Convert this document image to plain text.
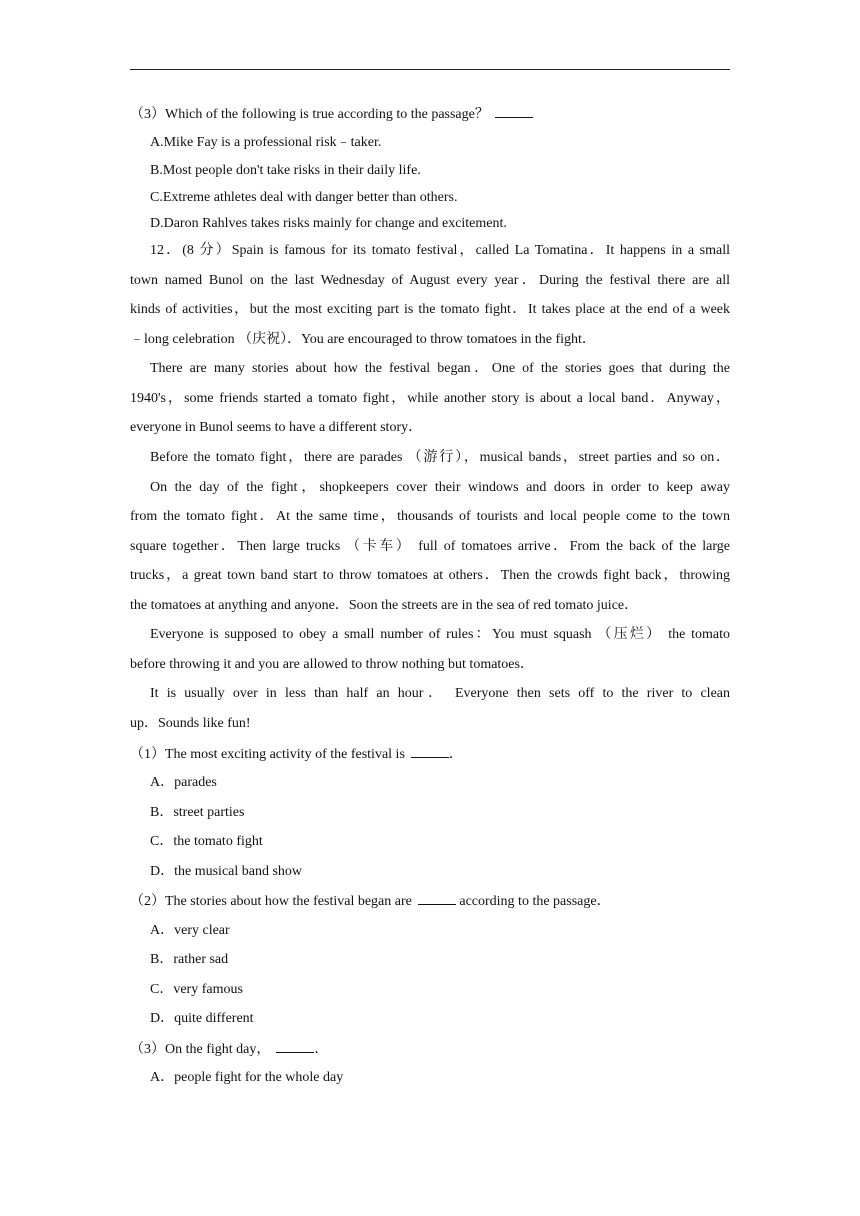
（3）Which of the following is true according to the passage？
A.Mike Fay is a professional risk﹣taker.
B.Most people don't take risks in their daily life.
C.Extreme athletes deal with danger better than others.
D.Daron Rahlves takes risks mainly for change and excitement.
12．(8 分）Spain is famous for its tomato festival，called La Tomatina．It happens in a small
town named Bunol on the last Wednesday of August every year．During the festival there are all
kinds of activities，but the most exciting part is the tomato fight．It takes place at the end of a week
﹣long celebration （庆祝）．You are encouraged to throw tomatoes in the fight．
There are many stories about how the festival began．One of the stories goes that during the
1940's，some friends started a tomato fight，while another story is about a local band．Anyway，
everyone in Bunol seems to have a different story．
Before the tomato fight，there are parades （游行），musical bands，street parties and so on．
On the day of the fight，shopkeepers cover their windows and doors in order to keep away
from the tomato fight．At the same time，thousands of tourists and local people come to the town
square together．Then large trucks （卡车） full of tomatoes arrive．From the back of the large
trucks，a great town band start to throw tomatoes at others．Then the crowds fight back，throwing
the tomatoes at anything and anyone．Soon the streets are in the sea of red tomato juice．
Everyone is supposed to obey a small number of rules：You must squash （压烂） the tomato
before throwing it and you are allowed to throw nothing but tomatoes．
It is usually over in less than half an hour． Everyone then sets off to the river to clean
up．Sounds like fun!
（1）The most exciting activity of the festival is	．
A．parades
B．street parties
C．the tomato fight
D．the musical band show
（2）The stories about how the festival began are	according to the passage．
A．very clear
B．rather sad
C．very famous
D．quite different
（3）On the fight day，	．
A．people fight for the whole day
